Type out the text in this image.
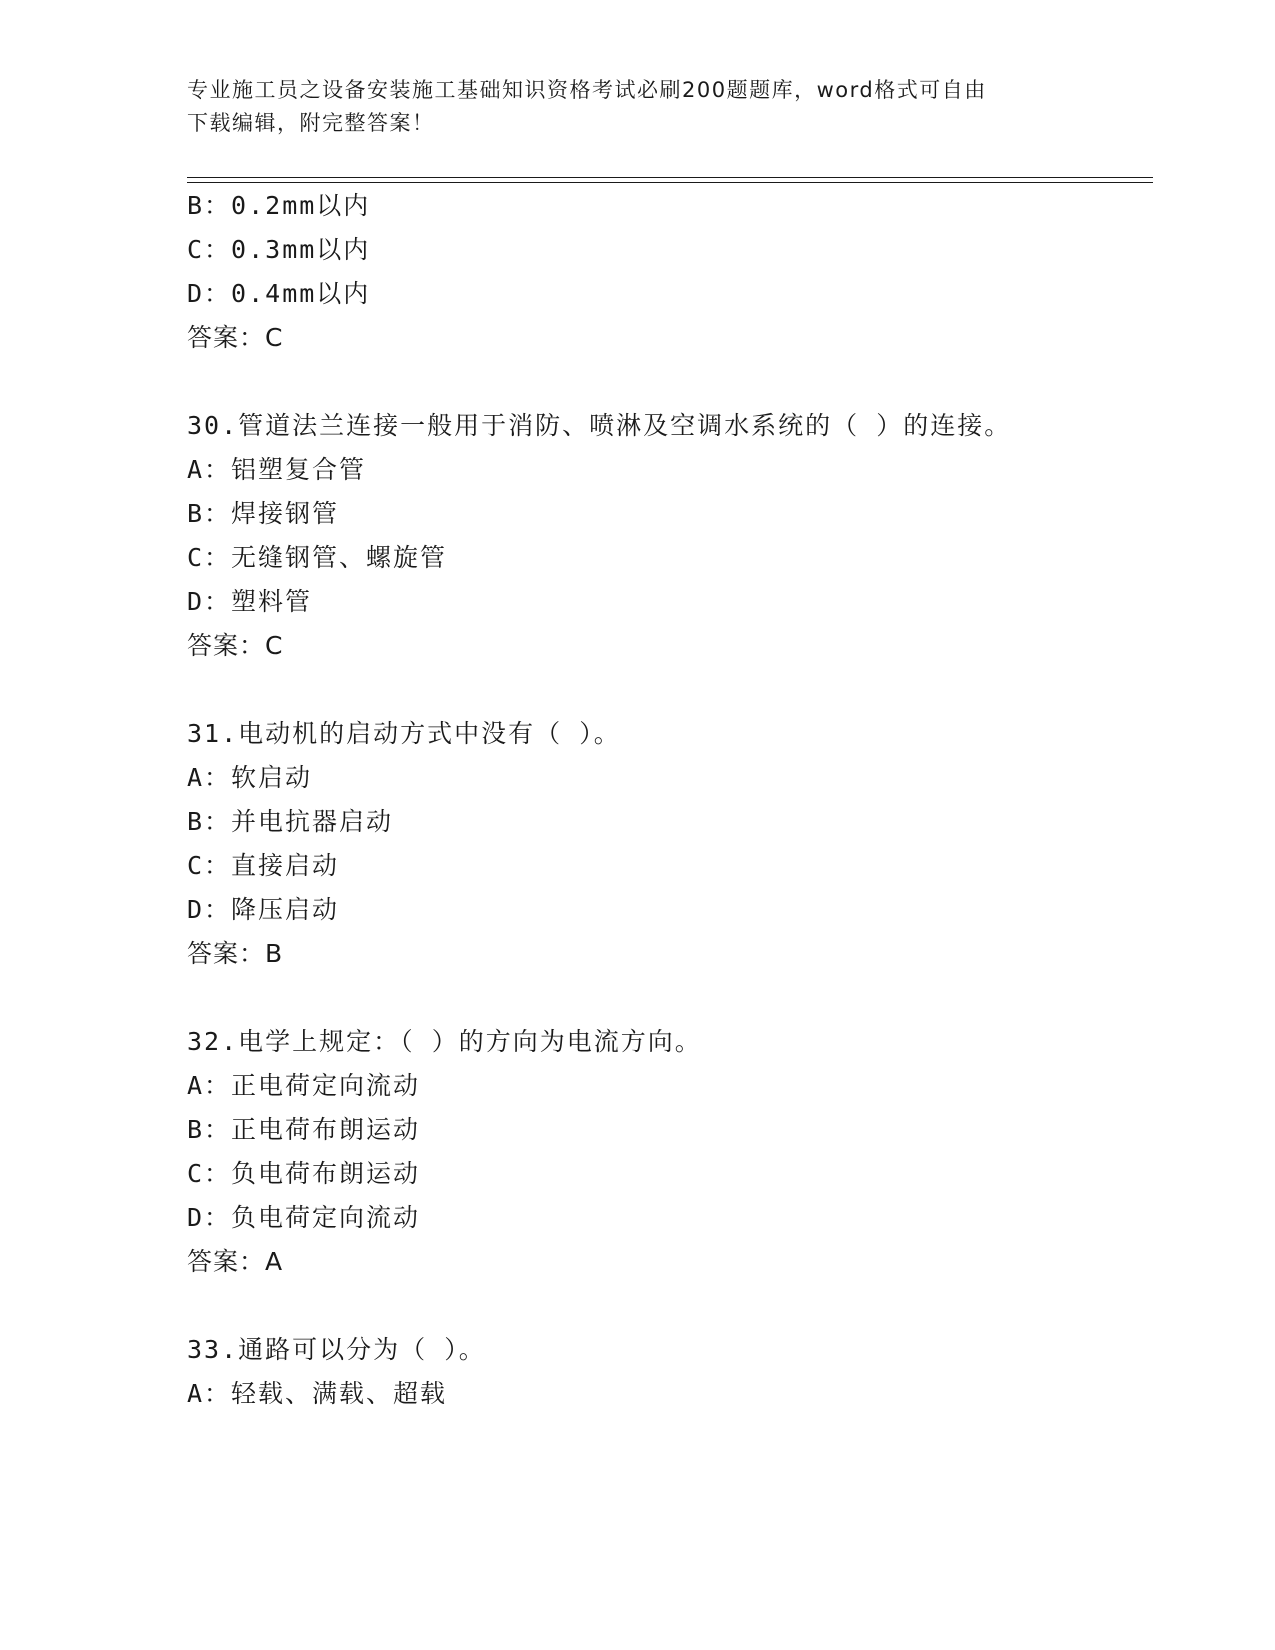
专业施工员之设备安装施工基础知识资格考试必刷200题题库，word格式可自由
下载编辑，附完整答案！
B：0.2mm以内
C：0.3mm以内
D：0.4mm以内
答案：C
30.管道法兰连接一般用于消防、喷淋及空调水系统的（ ）的连接。
A：铝塑复合管
B：焊接钢管
C：无缝钢管、螺旋管
D：塑料管
答案：C
31.电动机的启动方式中没有（ ）。
A：软启动
B：并电抗器启动
C：直接启动
D：降压启动
答案：B
32.电学上规定：（ ）的方向为电流方向。
A：正电荷定向流动
B：正电荷布朗运动
C：负电荷布朗运动
D：负电荷定向流动
答案：A
33.通路可以分为（ ）。
A：轻载、满载、超载
